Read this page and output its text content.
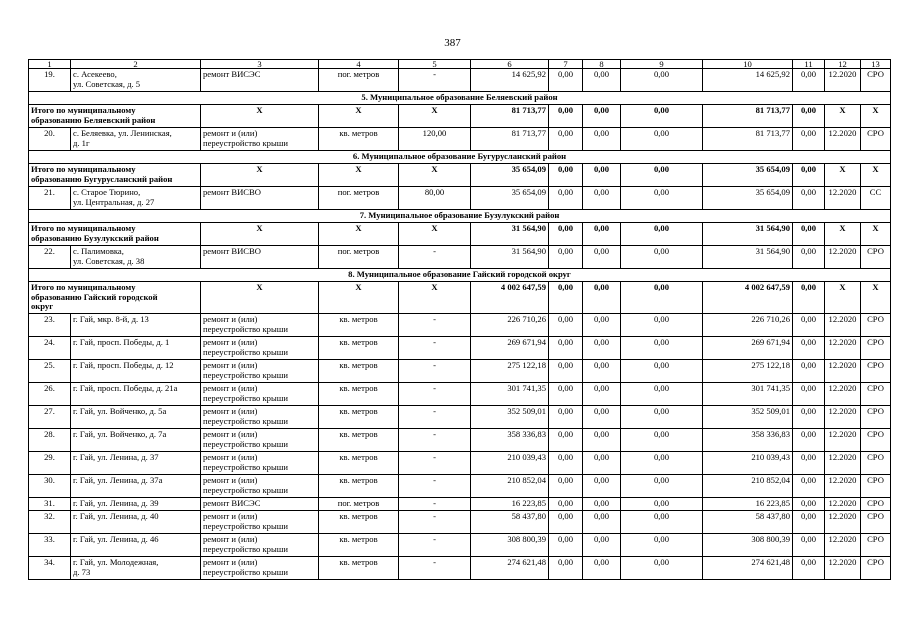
387
1	2	3	4	5	6	7	8	9	10	11	12	13
19.	с. Асекеево,
ул. Советская, д. 5	ремонт ВИСЭС	пог. метров	-	14 625,92	0,00	0,00	0,00	14 625,92	0,00	12.2020	СРО
5. Муниципальное образование Беляевский район												
Итого по муниципальному
образованию Беляевский район		X	X	X	81 713,77	0,00	0,00	0,00	81 713,77	0,00	X	X
20.	с. Беляевка, ул. Ленинская,
д. 1г	ремонт и (или)
переустройство крыши	кв. метров	120,00	81 713,77	0,00	0,00	0,00	81 713,77	0,00	12.2020	СРО
6. Муниципальное образование Бугурусланский район												
Итого по муниципальному
образованию Бугурусланский район		X	X	X	35 654,09	0,00	0,00	0,00	35 654,09	0,00	X	X
21.	с. Старое Тюрино,
ул. Центральная, д. 27	ремонт ВИСВО	пог. метров	80,00	35 654,09	0,00	0,00	0,00	35 654,09	0,00	12.2020	СС
7. Муниципальное образование Бузулукский район												
Итого по муниципальному
образованию Бузулукский район		X	X	X	31 564,90	0,00	0,00	0,00	31 564,90	0,00	X	X
22.	с. Палимовка,
ул. Советская, д. 38	ремонт ВИСВО	пог. метров	-	31 564,90	0,00	0,00	0,00	31 564,90	0,00	12.2020	СРО
8. Муниципальное образование Гайский городской округ												
Итого по муниципальному
образованию Гайский городской
округ		X	X	X	4 002 647,59	0,00	0,00	0,00	4 002 647,59	0,00	X	X
23.	г. Гай, мкр. 8-й, д. 13	ремонт и (или)
переустройство крыши	кв. метров	-	226 710,26	0,00	0,00	0,00	226 710,26	0,00	12.2020	СРО
24.	г. Гай, просп. Победы, д. 1	ремонт и (или)
переустройство крыши	кв. метров	-	269 671,94	0,00	0,00	0,00	269 671,94	0,00	12.2020	СРО
25.	г. Гай, просп. Победы, д. 12	ремонт и (или)
переустройство крыши	кв. метров	-	275 122,18	0,00	0,00	0,00	275 122,18	0,00	12.2020	СРО
26.	г. Гай, просп. Победы, д. 21а	ремонт и (или)
переустройство крыши	кв. метров	-	301 741,35	0,00	0,00	0,00	301 741,35	0,00	12.2020	СРО
27.	г. Гай, ул. Войченко, д. 5а	ремонт и (или)
переустройство крыши	кв. метров	-	352 509,01	0,00	0,00	0,00	352 509,01	0,00	12.2020	СРО
28.	г. Гай, ул. Войченко, д. 7а	ремонт и (или)
переустройство крыши	кв. метров	-	358 336,83	0,00	0,00	0,00	358 336,83	0,00	12.2020	СРО
29.	г. Гай, ул. Ленина, д. 37	ремонт и (или)
переустройство крыши	кв. метров	-	210 039,43	0,00	0,00	0,00	210 039,43	0,00	12.2020	СРО
30.	г. Гай, ул. Ленина, д. 37а	ремонт и (или)
переустройство крыши	кв. метров	-	210 852,04	0,00	0,00	0,00	210 852,04	0,00	12.2020	СРО
31.	г. Гай, ул. Ленина, д. 39	ремонт ВИСЭС	пог. метров	-	16 223,85	0,00	0,00	0,00	16 223,85	0,00	12.2020	СРО
32.	г. Гай, ул. Ленина, д. 40	ремонт и (или)
переустройство крыши	кв. метров	-	58 437,80	0,00	0,00	0,00	58 437,80	0,00	12.2020	СРО
33.	г. Гай, ул. Ленина, д. 46	ремонт и (или)
переустройство крыши	кв. метров	-	308 800,39	0,00	0,00	0,00	308 800,39	0,00	12.2020	СРО
34.	г. Гай, ул. Молодежная,
д. 73	ремонт и (или)
переустройство крыши	кв. метров	-	274 621,48	0,00	0,00	0,00	274 621,48	0,00	12.2020	СРО
